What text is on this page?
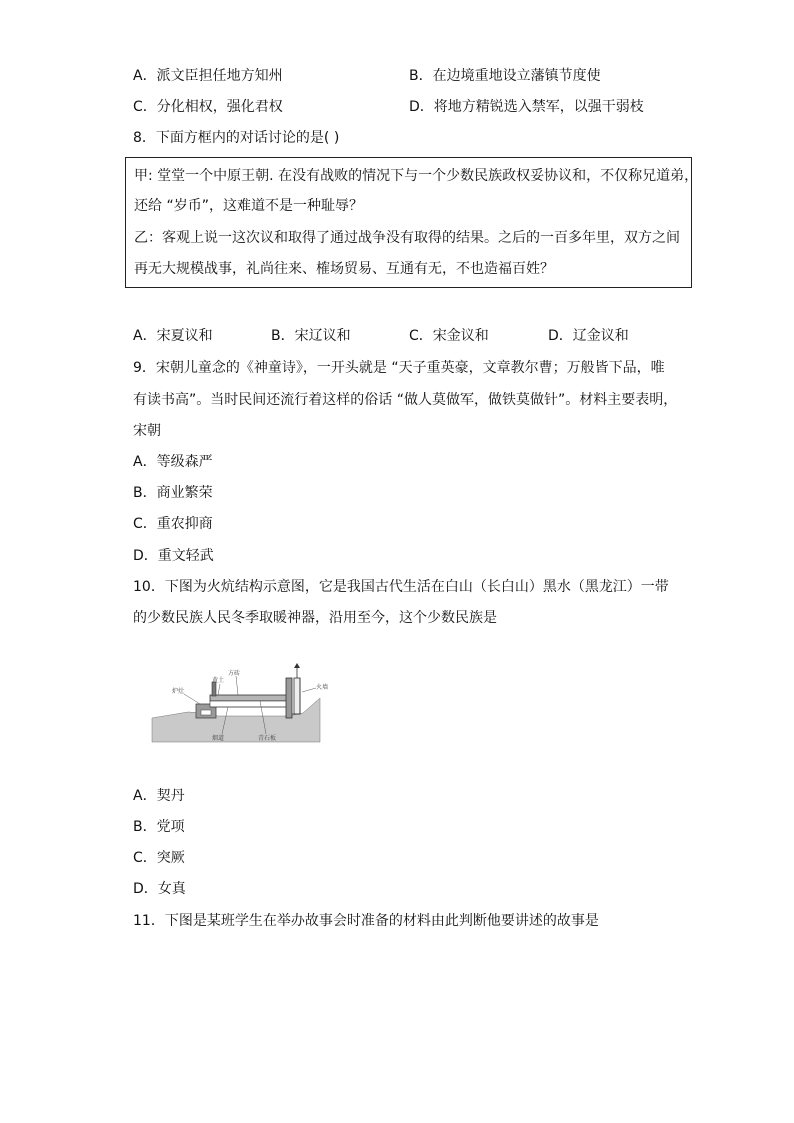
A．派文臣担任地方知州	B．在边境重地设立藩镇节度使
C．分化相权，强化君权	D．将地方精锐选入禁军，以强干弱枝
8．下面方框内的对话讨论的是( )
甲: 堂堂一个中原王朝. 在没有战败的情况下与一个少数民族政权妥协议和，不仅称兄道弟，
还给 “岁币”，这难道不是一种耻辱？
乙：客观上说一这次议和取得了通过战争没有取得的结果。之后的一百多年里，双方之间
再无大规模战事，礼尚往来、榷场贸易、互通有无，不也造福百姓？
A．宋夏议和	B．宋辽议和	C．宋金议和	D．辽金议和
9．宋朝儿童念的《神童诗》，一开头就是 “天子重英豪，文章教尔曹；万般皆下品，唯
有读书高”。当时民间还流行着这样的俗话 “做人莫做军，做铁莫做针”。材料主要表明，
宋朝
A．等级森严
B．商业繁荣
C．重农抑商
D．重文轻武
10．下图为火炕结构示意图，它是我国古代生活在白山（长白山）黑水（黑龙江）一带
的少数民族人民冬季取暖神器，沿用至今，这个少数民族是
炉灶
黄土
方砖
火墙
烟道	青石板
A．契丹
B．党项
C．突厥
D．女真
11．下图是某班学生在举办故事会时准备的材料由此判断他要讲述的故事是
